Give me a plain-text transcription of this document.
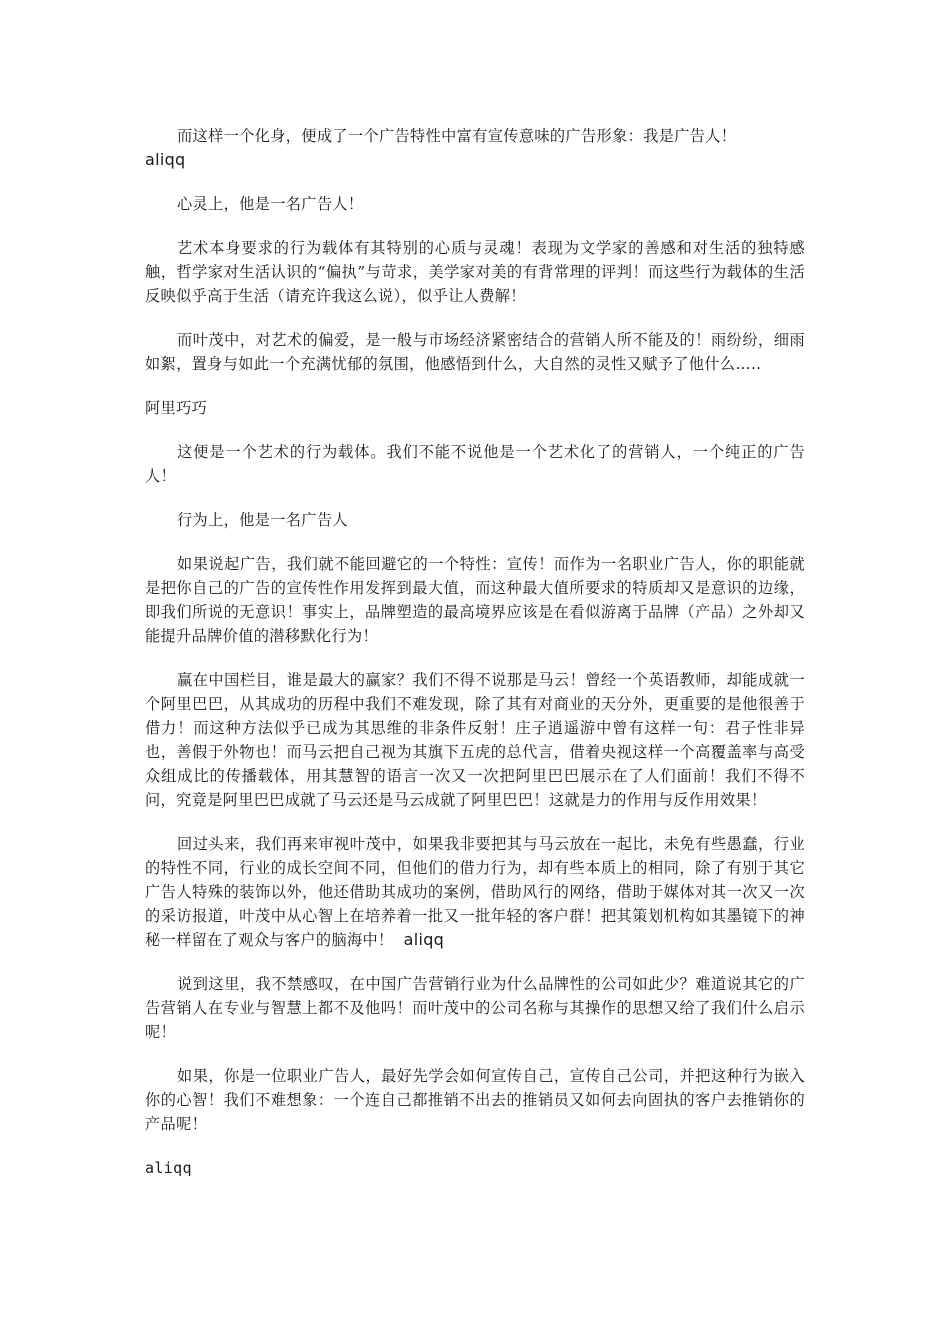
而这样一个化身，便成了一个广告特性中富有宣传意味的广告形象：我是广告人！
aliqq

心灵上，他是一名广告人！

艺术本身要求的行为载体有其特别的心质与灵魂！表现为文学家的善感和对生活的独特感触，哲学家对生活认识的“偏执”与苛求，美学家对美的有背常理的评判！而这些行为载体的生活反映似乎高于生活（请充许我这么说），似乎让人费解！

而叶茂中，对艺术的偏爱，是一般与市场经济紧密结合的营销人所不能及的！雨纷纷，细雨如絮，置身与如此一个充满忧郁的氛围，他感悟到什么，大自然的灵性又赋予了他什么…..

阿里巧巧

这便是一个艺术的行为载体。我们不能不说他是一个艺术化了的营销人，一个纯正的广告人！

行为上，他是一名广告人

如果说起广告，我们就不能回避它的一个特性：宣传！而作为一名职业广告人，你的职能就是把你自己的广告的宣传性作用发挥到最大值，而这种最大值所要求的特质却又是意识的边缘，即我们所说的无意识！事实上，品牌塑造的最高境界应该是在看似游离于品牌（产品）之外却又能提升品牌价值的潜移默化行为！

赢在中国栏目，谁是最大的赢家？我们不得不说那是马云！曾经一个英语教师，却能成就一个阿里巴巴，从其成功的历程中我们不难发现，除了其有对商业的天分外，更重要的是他很善于借力！而这种方法似乎已成为其思维的非条件反射！庄子逍遥游中曾有这样一句：君子性非异也，善假于外物也！而马云把自己视为其旗下五虎的总代言，借着央视这样一个高覆盖率与高受众组成比的传播载体，用其慧智的语言一次又一次把阿里巴巴展示在了人们面前！我们不得不问，究竟是阿里巴巴成就了马云还是马云成就了阿里巴巴！这就是力的作用与反作用效果！

回过头来，我们再来审视叶茂中，如果我非要把其与马云放在一起比，未免有些愚蠢，行业的特性不同，行业的成长空间不同，但他们的借力行为，却有些本质上的相同，除了有别于其它广告人特殊的装饰以外，他还借助其成功的案例，借助风行的网络，借助于媒体对其一次又一次的采访报道，叶茂中从心智上在培养着一批又一批年轻的客户群！把其策划机构如其墨镜下的神秘一样留在了观众与客户的脑海中！ aliqq

说到这里，我不禁感叹，在中国广告营销行业为什么品牌性的公司如此少？难道说其它的广告营销人在专业与智慧上都不及他吗！而叶茂中的公司名称与其操作的思想又给了我们什么启示呢！

如果，你是一位职业广告人，最好先学会如何宣传自己，宣传自己公司，并把这种行为嵌入你的心智！我们不难想象：一个连自己都推销不出去的推销员又如何去向固执的客户去推销你的产品呢！

aliqq
